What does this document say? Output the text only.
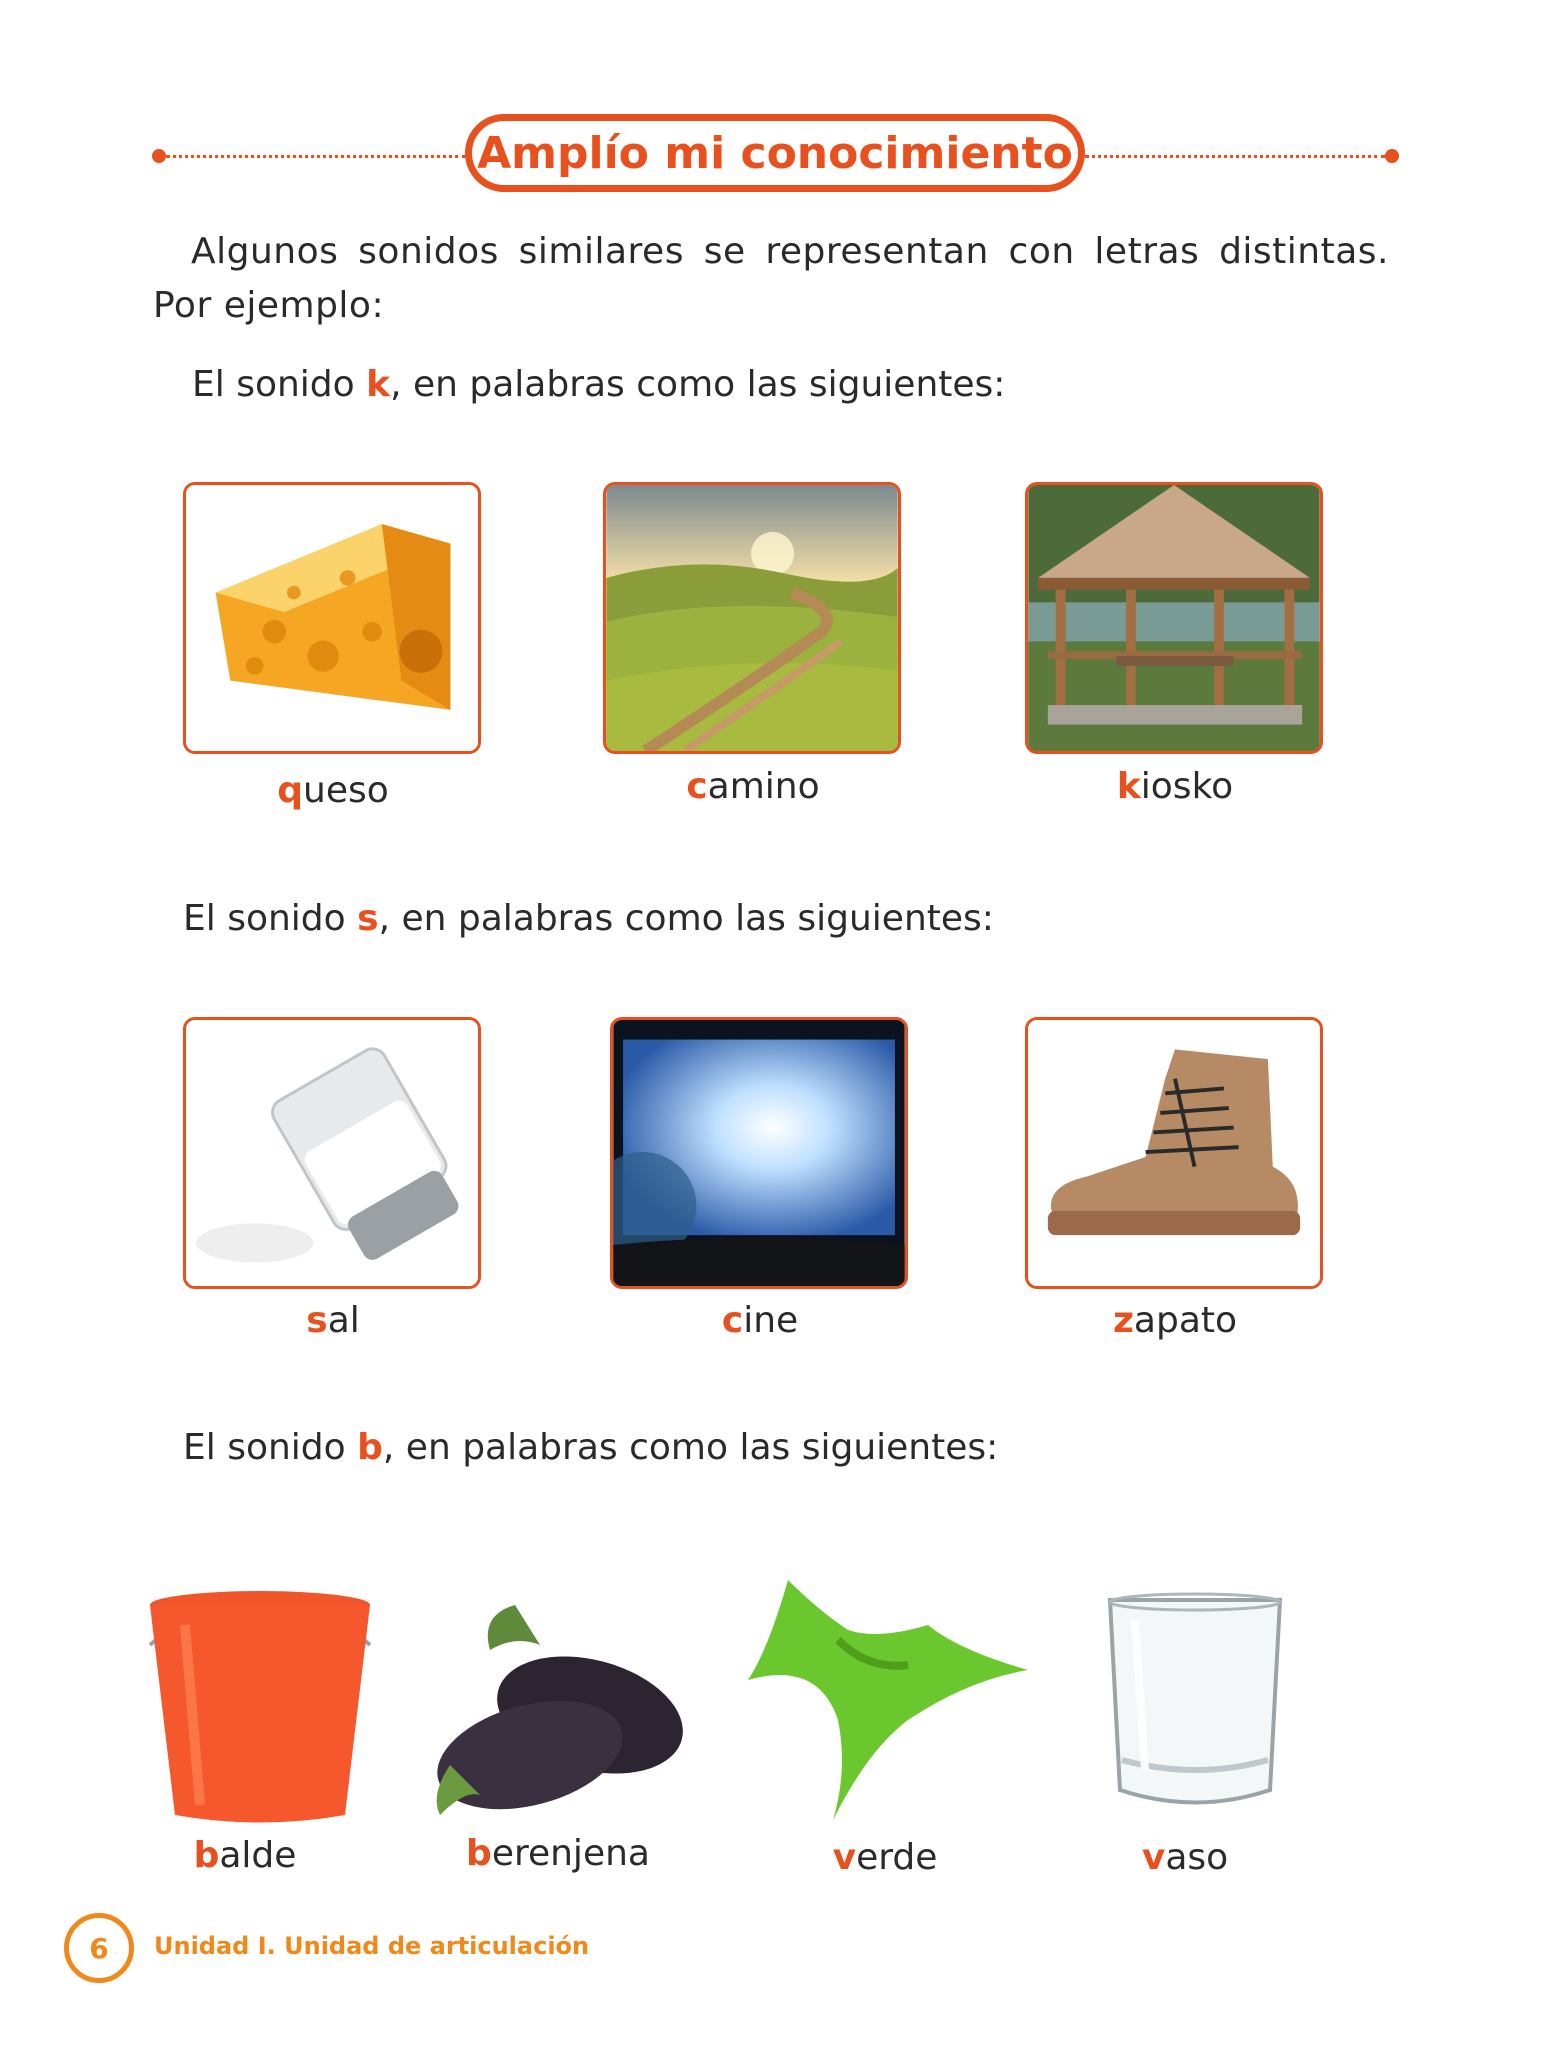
Amplío mi conocimiento
Algunos sonidos similares se representan con letras distintas. Por ejemplo:
El sonido k, en palabras como las siguientes:
queso	camino	kiosko
El sonido s, en palabras como las siguientes:
sal	cine	zapato
El sonido b, en palabras como las siguientes:
balde	berenjena	verde	vaso
6	Unidad I. Unidad de articulación
